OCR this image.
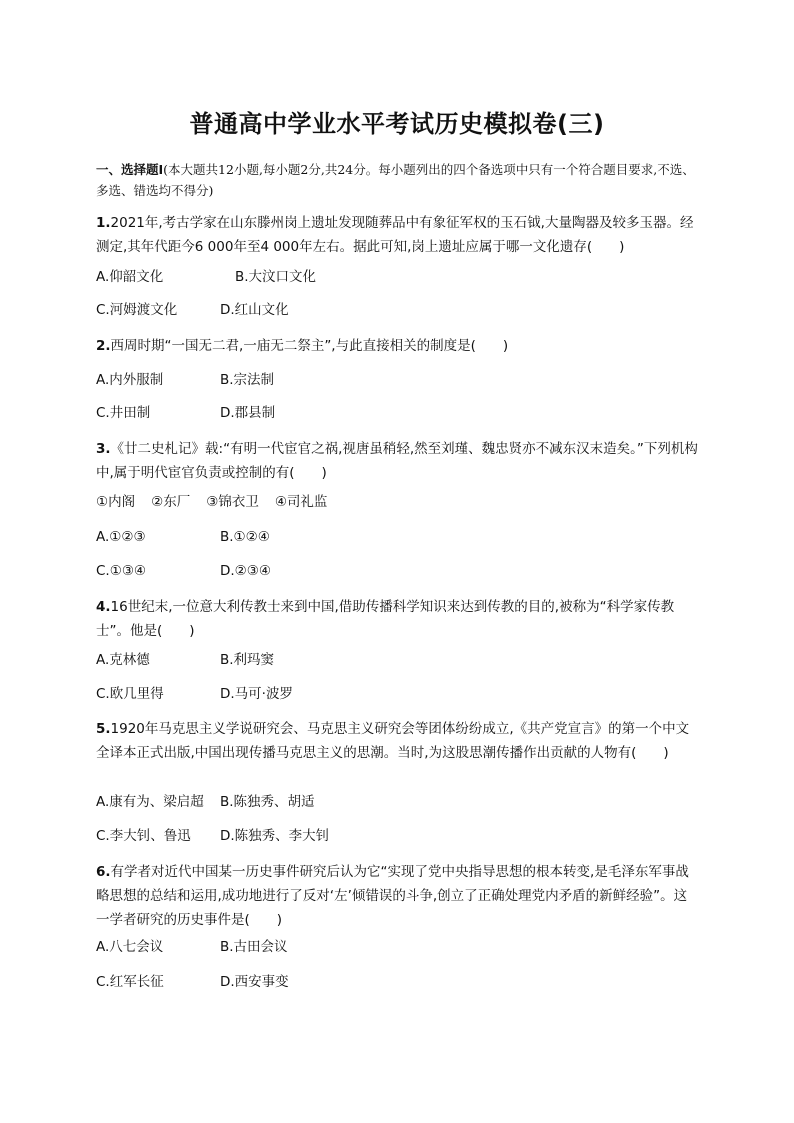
普通高中学业水平考试历史模拟卷(三)
一、选择题Ⅰ(本大题共12小题,每小题2分,共24分。每小题列出的四个备选项中只有一个符合题目要求,不选、多选、错选均不得分)
1.2021年,考古学家在山东滕州岗上遗址发现随葬品中有象征军权的玉石钺,大量陶器及较多玉器。经测定,其年代距今6 000年至4 000年左右。据此可知,岗上遗址应属于哪一文化遗存(　　)
A.仰韶文化	B.大汶口文化
C.河姆渡文化	D.红山文化
2.西周时期“一国无二君,一庙无二祭主”,与此直接相关的制度是(　　)
A.内外服制	B.宗法制
C.井田制	D.郡县制
3.《廿二史札记》载:“有明一代宦官之祸,视唐虽稍轻,然至刘瑾、魏忠贤亦不减东汉末造矣。”下列机构中,属于明代宦官负责或控制的有(　　)
①内阁 ②东厂 ③锦衣卫 ④司礼监
A.①②③	B.①②④
C.①③④	D.②③④
4.16世纪末,一位意大利传教士来到中国,借助传播科学知识来达到传教的目的,被称为“科学家传教士”。他是(　　)
A.克林德	B.利玛窦
C.欧几里得	D.马可·波罗
5.1920年马克思主义学说研究会、马克思主义研究会等团体纷纷成立,《共产党宣言》的第一个中文全译本正式出版,中国出现传播马克思主义的思潮。当时,为这股思潮传播作出贡献的人物有(　　)
A.康有为、梁启超 B.陈独秀、胡适
C.李大钊、鲁迅 D.陈独秀、李大钊
6.有学者对近代中国某一历史事件研究后认为它“实现了党中央指导思想的根本转变,是毛泽东军事战略思想的总结和运用,成功地进行了反对‘左’倾错误的斗争,创立了正确处理党内矛盾的新鲜经验”。这一学者研究的历史事件是(　　)
A.八七会议	B.古田会议
C.红军长征	D.西安事变
